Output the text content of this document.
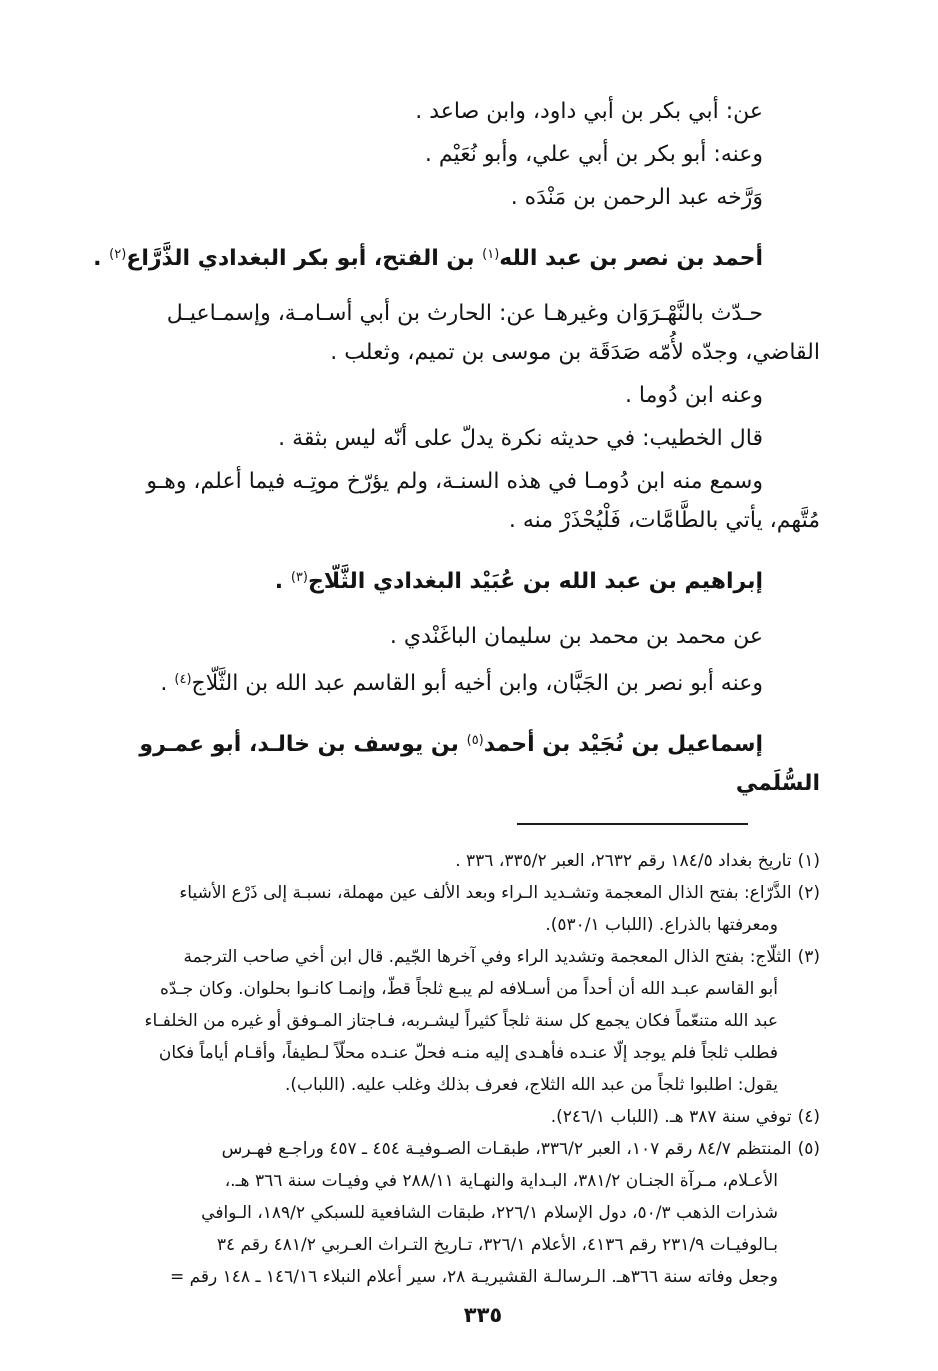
عن: أبي بكر بن أبي داود، وابن صاعد .
وعنه: أبو بكر بن أبي علي، وأبو نُعَيْم .
وَرَّخه عبد الرحمن بن مَنْدَه .
أحمد بن نصر بن عبد الله$^{(١)}$ بن الفتح، أبو بكر البغدادي الذَّرَّاع$^{(٢)}$ .
حـدّث بالنَّهْـرَوَان وغيرهـا عن: الحارث بن أبي أسـامـة، وإسمـاعيـل
القاضي، وجدّه لأُمّه صَدَقَة بن موسى بن تميم، وثعلب .
وعنه ابن دُوما .
قال الخطيب: في حديثه نكرة يدلّ على أنّه ليس بثقة .
وسمع منه ابن دُومـا في هذه السنـة، ولم يؤرّخ موتِـه فيما أعلم، وهـو
مُتَّهم، يأتي بالطَّامَّات، فَلْيُحْذَرْ منه .
إبراهيم بن عبد الله بن عُبَيْد البغدادي الثَّلّاج$^{(٣)}$ .
عن محمد بن محمد بن سليمان الباغَنْدي .
وعنه أبو نصر بن الجَبَّان، وابن أخيه أبو القاسم عبد الله بن الثَّلّاج$^{(٤)}$ .
إسماعيل بن نُجَيْد بن أحمد$^{(٥)}$ بن يوسف بن خالـد، أبو عمـرو السُّلَمي
(١)تاريخ بغداد ١٨٤/٥ رقم ٢٦٣٢، العبر ٣٣٥/٢، ٣٣٦ .
(٢)الذَّرّاع: بفتح الذال المعجمة وتشـديد الـراء وبعد الألف عين مهملة، نسبـة إلى ذَرْع الأشياء
ومعرفتها بالذراع. (اللباب ٥٣٠/١).
(٣)الثلّاج: بفتح الذال المعجمة وتشديد الراء وفي آخرها الجّيم. قال ابن أخي صاحب الترجمة
أبو القاسم عبـد الله أن أحداً من أسـلافه لم يبـع ثلجاً قطّ، وإنمـا كانـوا بحلوان. وكان جـدّه
عبد الله متنعّماً فكان يجمع كل سنة ثلجاً كثيراً ليشـربه، فـاجتاز المـوفق أو غيره من الخلفـاء
فطلب ثلجاً فلم يوجد إلّا عنـده فأهـدى إليه منـه فحلّ عنـده محلّاً لـطيفاً، وأقـام أياماً فكان
يقول: اطلبوا ثلجاً من عبد الله الثلاج، فعرف بذلك وغلب عليه. (اللباب).
(٤)توفي سنة ٣٨٧ هـ. (اللباب ٢٤٦/١).
(٥)المنتظم ٨٤/٧ رقم ١٠٧، العبر ٣٣٦/٢، طبقـات الصـوفيـة ٤٥٤ ـ ٤٥٧ وراجـع فهـرس
الأعـلام، مـرآة الجنـان ٣٨١/٢، البـداية والنهـاية ٢٨٨/١١ في وفيـات سنة ٣٦٦ هـ.،
شذرات الذهب ٥٠/٣، دول الإسلام ٢٢٦/١، طبقات الشافعية للسبكي ١٨٩/٢، الـوافي
بـالوفيـات ٢٣١/٩ رقم ٤١٣٦، الأعلام ٣٢٦/١، تـاريخ التـراث العـربي ٤٨١/٢ رقم ٣٤
وجعل وفاته سنة ٣٦٦هـ. الـرسالـة القشيريـة ٢٨، سير أعلام النبلاء ١٤٦/١٦ ـ ١٤٨ رقم =
٣٣٥
